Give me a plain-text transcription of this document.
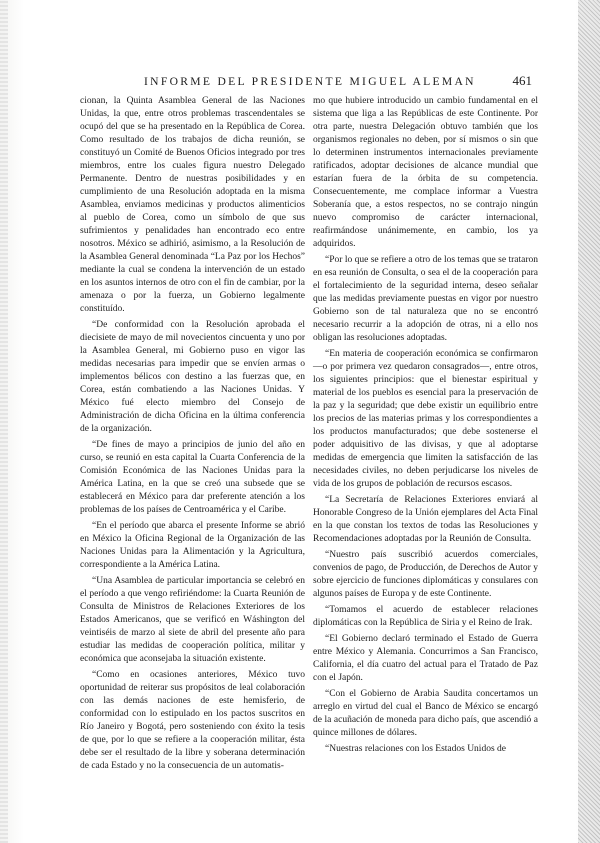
INFORME DEL PRESIDENTE MIGUEL ALEMAN	461

cionan, la Quinta Asamblea General de las Naciones Unidas, la que, entre otros problemas trascendentales se ocupó del que se ha presentado en la República de Corea. Como resultado de los trabajos de dicha reunión, se constituyó un Comité de Buenos Oficios integrado por tres miembros, entre los cuales figura nuestro Delegado Permanente. Dentro de nuestras posibilidades y en cumplimiento de una Resolución adoptada en la misma Asamblea, enviamos medicinas y productos alimenticios al pueblo de Corea, como un símbolo de que sus sufrimientos y penalidades han encontrado eco entre nosotros. México se adhirió, asimismo, a la Resolución de la Asamblea General denominada “La Paz por los Hechos” mediante la cual se condena la intervención de un estado en los asuntos internos de otro con el fin de cambiar, por la amenaza o por la fuerza, un Gobierno legalmente constituído.

“De conformidad con la Resolución aprobada el diecisiete de mayo de mil novecientos cincuenta y uno por la Asamblea General, mi Gobierno puso en vigor las medidas necesarias para impedir que se envíen armas o implementos bélicos con destino a las fuerzas que, en Corea, están combatiendo a las Naciones Unidas. Y México fué electo miembro del Consejo de Administración de dicha Oficina en la última conferencia de la organización.

“De fines de mayo a principios de junio del año en curso, se reunió en esta capital la Cuarta Conferencia de la Comisión Económica de las Naciones Unidas para la América Latina, en la que se creó una subsede que se establecerá en México para dar preferente atención a los problemas de los países de Centroamérica y el Caribe.

“En el período que abarca el presente Informe se abrió en México la Oficina Regional de la Organización de las Naciones Unidas para la Alimentación y la Agricultura, correspondiente a la América Latina.

“Una Asamblea de particular importancia se celebró en el período a que vengo refiriéndome: la Cuarta Reunión de Consulta de Ministros de Relaciones Exteriores de los Estados Americanos, que se verificó en Wáshington del veintiséis de marzo al siete de abril del presente año para estudiar las medidas de cooperación política, militar y económica que aconsejaba la situación existente.

“Como en ocasiones anteriores, México tuvo oportunidad de reiterar sus propósitos de leal colaboración con las demás naciones de este hemisferio, de conformidad con lo estipulado en los pactos suscritos en Río Janeiro y Bogotá, pero sosteniendo con éxito la tesis de que, por lo que se refiere a la cooperación militar, ésta debe ser el resultado de la libre y soberana determinación de cada Estado y no la consecuencia de un automatis-

mo que hubiere introducido un cambio fundamental en el sistema que liga a las Repúblicas de este Continente. Por otra parte, nuestra Delegación obtuvo también que los organismos regionales no deben, por sí mismos o sin que lo determinen instrumentos internacionales previamente ratificados, adoptar decisiones de alcance mundial que estarían fuera de la órbita de su competencia. Consecuentemente, me complace informar a Vuestra Soberanía que, a estos respectos, no se contrajo ningún nuevo compromiso de carácter internacional, reafirmándose unánimemente, en cambio, los ya adquiridos.

“Por lo que se refiere a otro de los temas que se trataron en esa reunión de Consulta, o sea el de la cooperación para el fortalecimiento de la seguridad interna, deseo señalar que las medidas previamente puestas en vigor por nuestro Gobierno son de tal naturaleza que no se encontró necesario recurrir a la adopción de otras, ni a ello nos obligan las resoluciones adoptadas.

“En materia de cooperación económica se confirmaron —o por primera vez quedaron consagrados—, entre otros, los siguientes principios: que el bienestar espiritual y material de los pueblos es esencial para la preservación de la paz y la seguridad; que debe existir un equilibrio entre los precios de las materias primas y los correspondientes a los productos manufacturados; que debe sostenerse el poder adquisitivo de las divisas, y que al adoptarse medidas de emergencia que limiten la satisfacción de las necesidades civiles, no deben perjudicarse los niveles de vida de los grupos de población de recursos escasos.

“La Secretaría de Relaciones Exteriores enviará al Honorable Congreso de la Unión ejemplares del Acta Final en la que constan los textos de todas las Resoluciones y Recomendaciones adoptadas por la Reunión de Consulta.

“Nuestro país suscribió acuerdos comerciales, convenios de pago, de Producción, de Derechos de Autor y sobre ejercicio de funciones diplomáticas y consulares con algunos países de Europa y de este Continente.

“Tomamos el acuerdo de establecer relaciones diplomáticas con la República de Siria y el Reino de Irak.

“El Gobierno declaró terminado el Estado de Guerra entre México y Alemania. Concurrimos a San Francisco, California, el día cuatro del actual para el Tratado de Paz con el Japón.

“Con el Gobierno de Arabia Saudita concertamos un arreglo en virtud del cual el Banco de México se encargó de la acuñación de moneda para dicho país, que ascendió a quince millones de dólares.

“Nuestras relaciones con los Estados Unidos de
